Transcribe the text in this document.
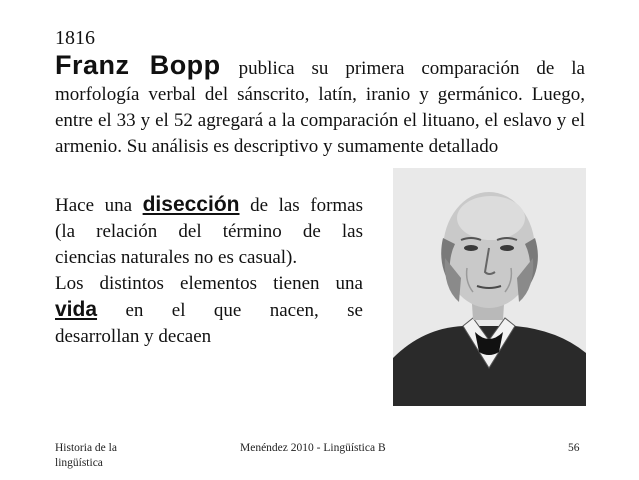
1816

Franz Bopp publica su primera comparación de la morfología verbal del sánscrito, latín, iranio y germánico. Luego, entre el 33 y el 52 agregará a la comparación el lituano, el eslavo y el armenio. Su análisis es descriptivo y sumamente detallado

Hace una disección de las formas
(la relación del término de las
ciencias naturales no es casual).
Los distintos elementos tienen una
vida en el que nacen, se
desarrollan y decaen

Historia de la lingüística
Menéndez 2010 - Lingüística B	56
